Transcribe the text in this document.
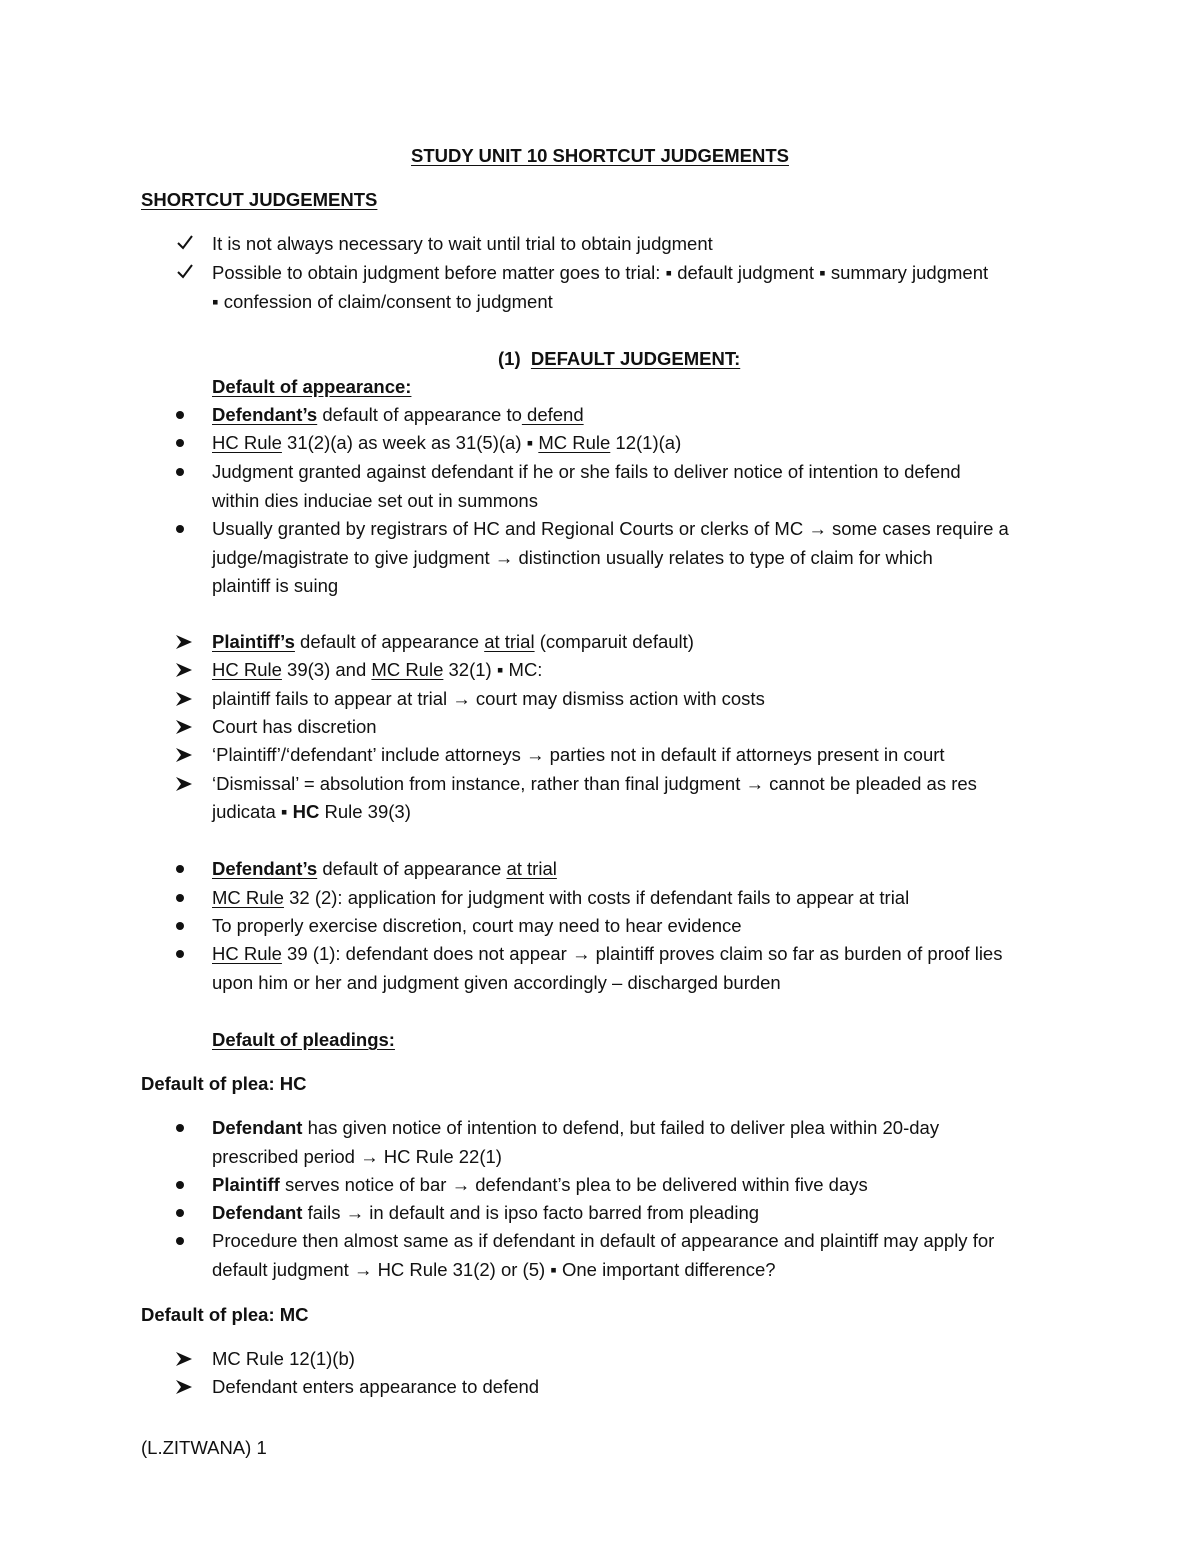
STUDY UNIT 10 SHORTCUT JUDGEMENTS
SHORTCUT JUDGEMENTS
It is not always necessary to wait until trial to obtain judgment
Possible to obtain judgment before matter goes to trial: ▪ default judgment ▪ summary judgment
▪ confession of claim/consent to judgment
(1) DEFAULT JUDGEMENT:
Default of appearance:
Defendant’s default of appearance to defend
HC Rule 31(2)(a) as week as 31(5)(a) ▪ MC Rule 12(1)(a)
Judgment granted against defendant if he or she fails to deliver notice of intention to defend
within dies induciae set out in summons
Usually granted by registrars of HC and Regional Courts or clerks of MC → some cases require a
judge/magistrate to give judgment → distinction usually relates to type of claim for which
plaintiff is suing
Plaintiff’s default of appearance at trial (comparuit default)
HC Rule 39(3) and MC Rule 32(1) ▪ MC:
plaintiff fails to appear at trial → court may dismiss action with costs
Court has discretion
‘Plaintiff’/‘defendant’ include attorneys → parties not in default if attorneys present in court
‘Dismissal’ = absolution from instance, rather than final judgment → cannot be pleaded as res
judicata ▪ HC Rule 39(3)
Defendant’s default of appearance at trial
MC Rule 32 (2): application for judgment with costs if defendant fails to appear at trial
To properly exercise discretion, court may need to hear evidence
HC Rule 39 (1): defendant does not appear → plaintiff proves claim so far as burden of proof lies
upon him or her and judgment given accordingly – discharged burden
Default of pleadings:
Default of plea: HC
Defendant has given notice of intention to defend, but failed to deliver plea within 20-day
prescribed period → HC Rule 22(1)
Plaintiff serves notice of bar → defendant’s plea to be delivered within five days
Defendant fails → in default and is ipso facto barred from pleading
Procedure then almost same as if defendant in default of appearance and plaintiff may apply for
default judgment → HC Rule 31(2) or (5) ▪ One important difference?
Default of plea: MC
MC Rule 12(1)(b)
Defendant enters appearance to defend
(L.ZITWANA) 1
